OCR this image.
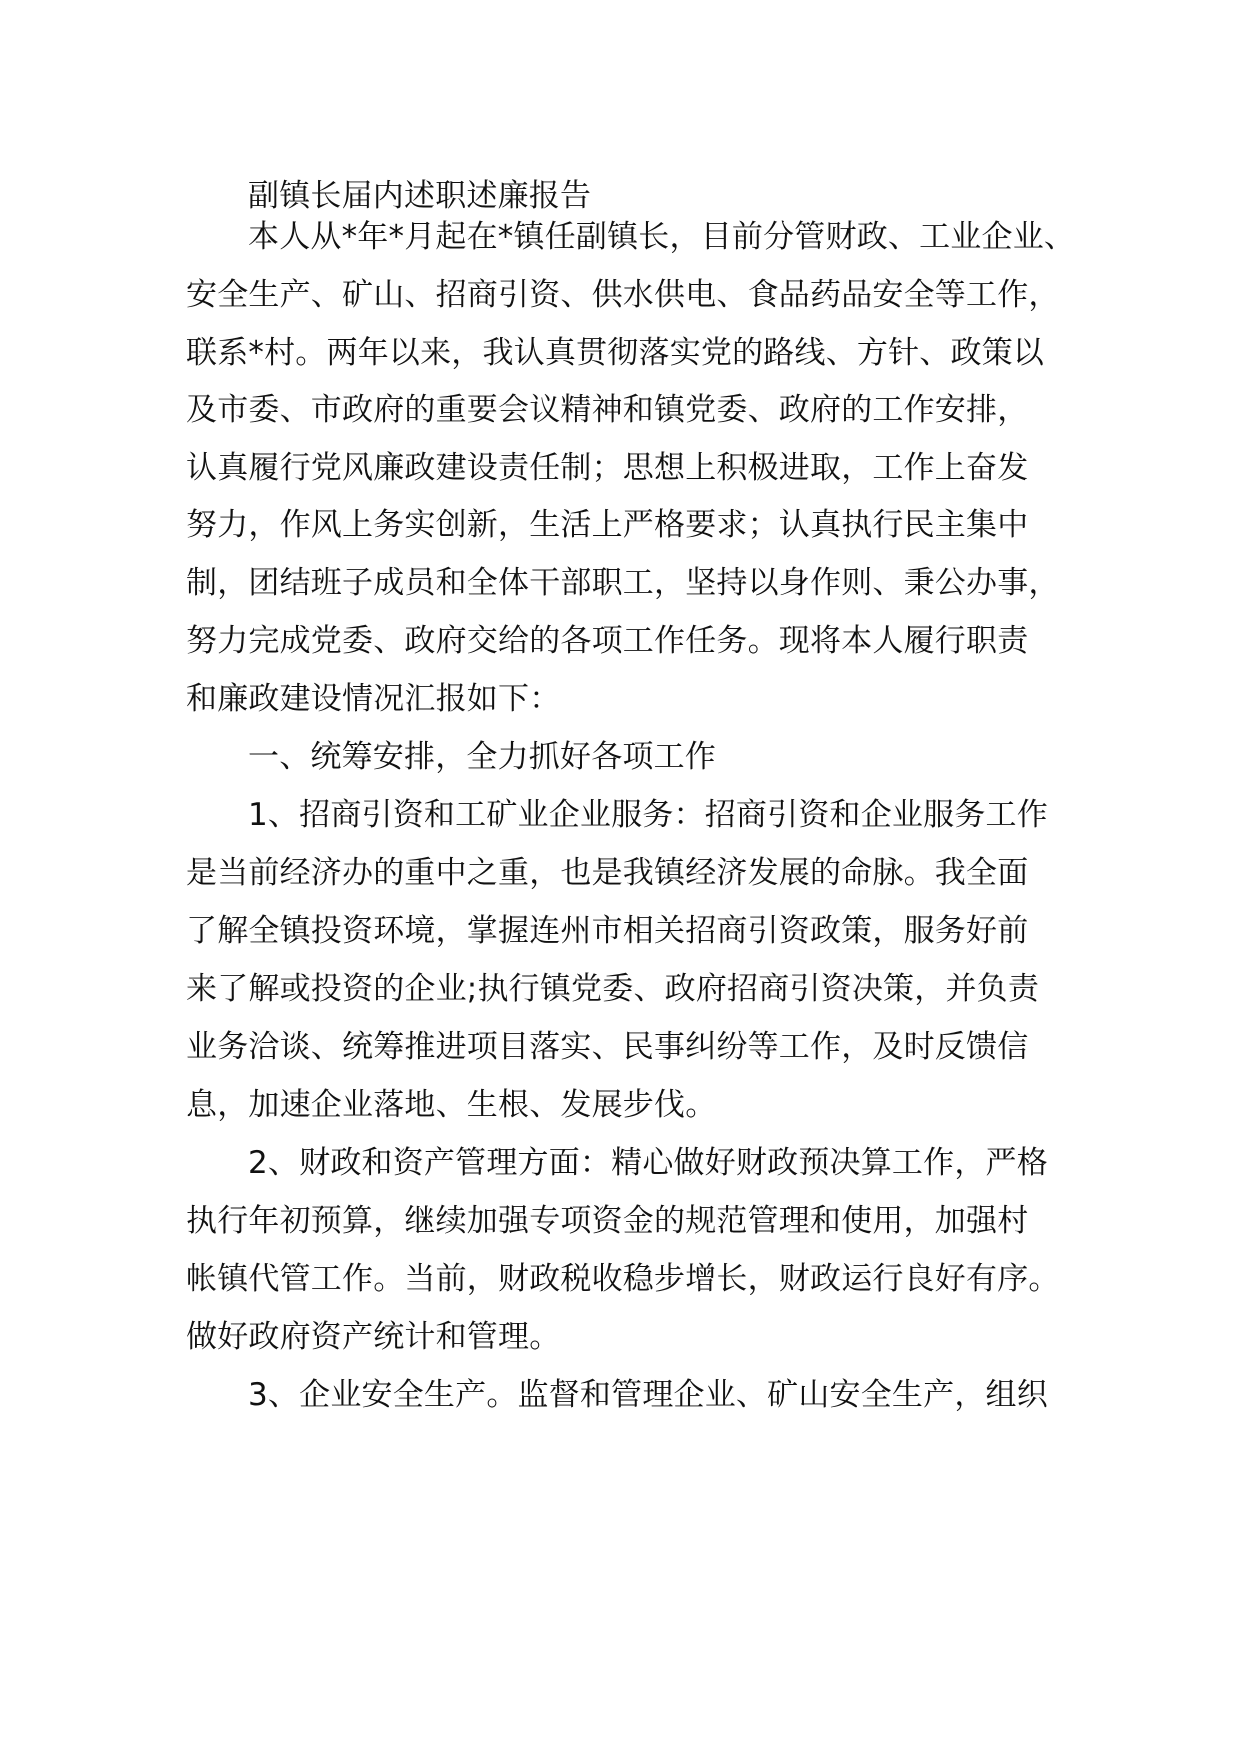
副镇长届内述职述廉报告
本人从*年*月起在*镇任副镇长，目前分管财政、工业企业、
安全生产、矿山、招商引资、供水供电、食品药品安全等工作，
联系*村。两年以来，我认真贯彻落实党的路线、方针、政策以
及市委、市政府的重要会议精神和镇党委、政府的工作安排，
认真履行党风廉政建设责任制；思想上积极进取，工作上奋发
努力，作风上务实创新，生活上严格要求；认真执行民主集中
制，团结班子成员和全体干部职工，坚持以身作则、秉公办事，
努力完成党委、政府交给的各项工作任务。现将本人履行职责
和廉政建设情况汇报如下：
一、统筹安排，全力抓好各项工作
1、招商引资和工矿业企业服务：招商引资和企业服务工作
是当前经济办的重中之重，也是我镇经济发展的命脉。我全面
了解全镇投资环境，掌握连州市相关招商引资政策，服务好前
来了解或投资的企业;执行镇党委、政府招商引资决策，并负责
业务洽谈、统筹推进项目落实、民事纠纷等工作，及时反馈信
息，加速企业落地、生根、发展步伐。
2、财政和资产管理方面：精心做好财政预决算工作，严格
执行年初预算，继续加强专项资金的规范管理和使用，加强村
帐镇代管工作。当前，财政税收稳步增长，财政运行良好有序。
做好政府资产统计和管理。
3、企业安全生产。监督和管理企业、矿山安全生产，组织
